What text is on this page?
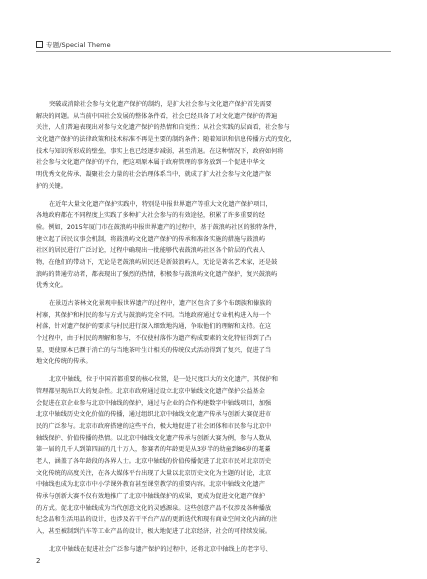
专题/Special Theme

突破或消除社会参与文化遗产保护的制约，是扩大社会参与文化遗产保护首先需要

解决的问题。从当前中国社会发展的整体条件看，社会已经具备了对文化遗产保护的普遍

关注，人们普遍表现出对参与文化遗产保护的热情和自觉性；从社会实践的层面看，社会参与

文化遗产保护的法律政策和技术标准不再是主要的制约条件；随着知识和信息传播方式的变化，

技术与知识所形成的壁垒，事实上也已经逐步减弱，甚至消退。在这种情况下，政府如何将

社会参与文化遗产保护的平台，把这项原本属于政府管理的事务放到一个促进中华文

明优秀文化传承、凝聚社会力量的社会治理体系当中，就成了扩大社会参与文化遗产保

护的关键。

在近年大量文化遗产保护实践中，特别是申报世界遗产等重大文化遗产保护项目，

各地政府都在不同程度上实践了多种扩大社会参与的有效途径，积累了许多重要的经

验。例如，2015年厦门市在鼓浪屿申报世界遗产的过程中，基于鼓浪屿社区的独特条件，

建立起了居民议事会机制，将鼓浪屿文化遗产保护的传承和准备实施的措施与鼓浪屿

社区的居民进行广泛讨论，过程中确现出一批能够代表鼓浪屿社区各个阶层的代表人

物，在他们的带动下，无论是老鼓浪屿居民还是新鼓浪屿人，无论是著名艺术家，还是鼓

浪屿的普通劳动者，都表现出了强烈的热情，积极参与鼓浪屿文化遗产保护，复兴鼓浪屿

优秀文化。

在景迈古茶林文化景观申报世界遗产的过程中，遗产区包含了多个布朗族和傣族的

村寨，其保护和村民的参与方式与鼓浪屿完全不同。当地政府通过专业机构进入每一个

村落，针对遗产保护的要求与村民进行深入细致地沟通，争取他们的理解和支持。在这

个过程中，由于村民的理解和参与，不仅使村落作为遗产构成要素的文化特征得到了凸

显，更使原本已濒于消亡的与当地茶叶生计相关的传统仪式活动得到了复兴，促进了当

地文化传统的传承。

北京中轴线，位于中国首都重要的核心位置，是一处尺度巨大的文化遗产，其保护和

管理都呈现出巨大的复杂性。北京市政府通过设立北京中轴线文化遗产保护公益基金

会促进在京企业参与北京中轴线的保护，通过与企业的合作构建数字中轴线项目，加强

北京中轴线历史文化价值的传播，通过组织北京中轴线文化遗产传承与创新大赛促进市

民的广泛参与。北京市政府搭建的这些平台，极大地促进了社会团体和市民参与北京中

轴线保护、价值传播的热情。以北京中轴线文化遗产传承与创新大赛为例，参与人数从

第一届的几千人到第四届的几十万人，参赛者的年龄更是从3岁半的幼童到86岁的耄耋

老人，涵盖了各年龄段的各界人士。北京中轴线的价值传播促进了北京市民对北京历史

文化传统的高度关注，在各大媒体平台出现了大量以北京历史文化为主题的讨论，北京

中轴线也成为北京市中小学课外教育甚至课堂教学的重要内容。北京中轴线文化遗产

传承与创新大赛不仅有效地推广了北京中轴线保护的成果，更成为促进文化遗产保护

的方式。促北京中轴线成为当代创意文化的灵感源泉。这些创意产品不仅涉及各种播放

纪念品和生活用品的设计，也涉及若干平台产品的更新迭代和现有商业空间文化内涵的注

入，甚至被制到汽车等工业产品的设计，极大地促进了北京经济，社会的可持续发展。

北京中轴线在促进社会广泛参与遗产保护的过程中，还将北京中轴线上的老字号、

2
